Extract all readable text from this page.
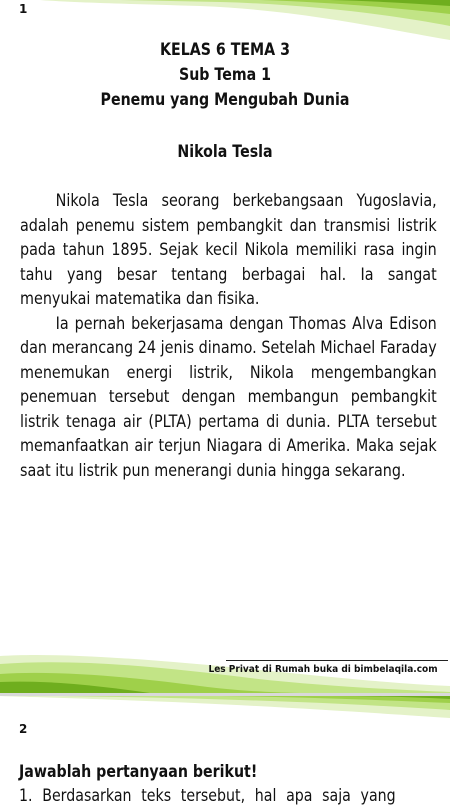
1
KELAS 6 TEMA 3
Sub Tema 1
Penemu yang Mengubah Dunia
Nikola Tesla

Nikola Tesla seorang berkebangsaan Yugoslavia, adalah penemu sistem pembangkit dan transmisi listrik pada tahun 1895. Sejak kecil Nikola memiliki rasa ingin tahu yang besar tentang berbagai hal. Ia sangat menyukai matematika dan fisika.

Ia pernah bekerjasama dengan Thomas Alva Edison dan merancang 24 jenis dinamo. Setelah Michael Faraday menemukan energi listrik, Nikola mengembangkan penemuan tersebut dengan membangun pembangkit listrik tenaga air (PLTA) pertama di dunia. PLTA tersebut memanfaatkan air terjun Niagara di Amerika. Maka sejak saat itu listrik pun menerangi dunia hingga sekarang.

Les Privat di Rumah buka di bimbelaqila.com
2
Jawablah pertanyaan berikut!
1. Berdasarkan teks tersebut, hal apa saja yang
